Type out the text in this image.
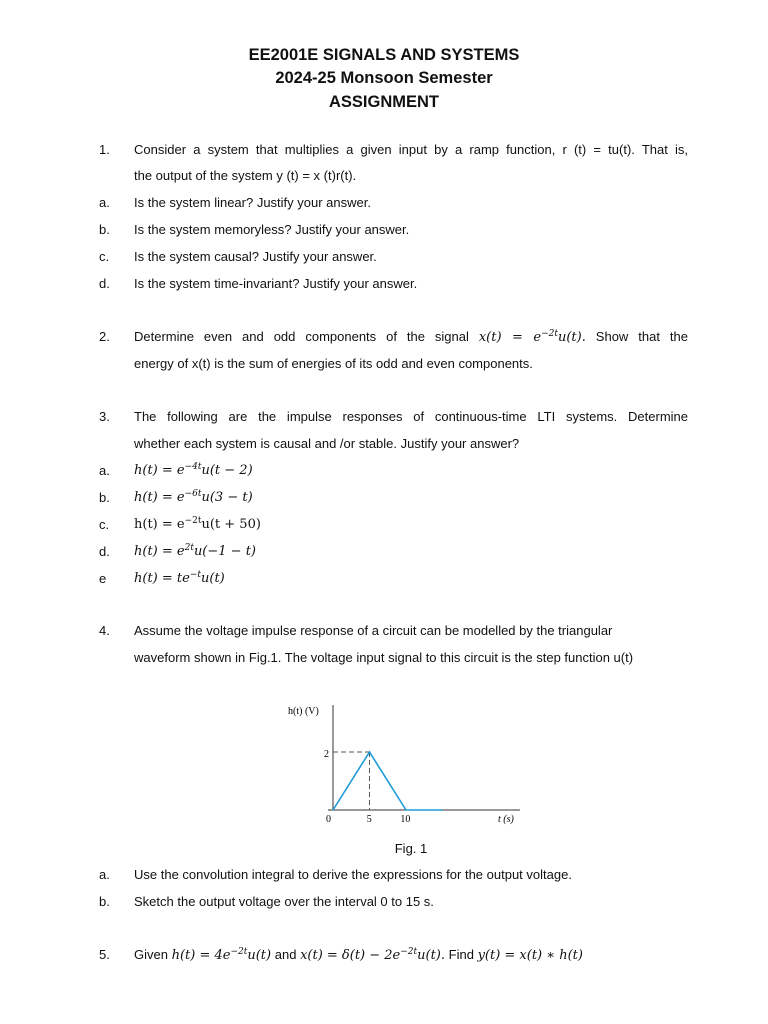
EE2001E SIGNALS AND SYSTEMS
2024-25 Monsoon Semester
ASSIGNMENT
1. Consider a system that multiplies a given input by a ramp function, r (t) = tu(t). That is,
the output of the system y (t) = x (t)r(t).
a. Is the system linear? Justify your answer.
b. Is the system memoryless? Justify your answer.
c. Is the system causal? Justify your answer.
d. Is the system time-invariant? Justify your answer.
2. Determine even and odd components of the signal $x(t) = e^{-2t}u(t)$. Show that the
energy of x(t) is the sum of energies of its odd and even components.
3. The following are the impulse responses of continuous-time LTI systems. Determine
whether each system is causal and /or stable. Justify your answer?
a. $h(t) = e^{-4t}u(t - 2)$
b. $h(t) = e^{-6t}u(3 - t)$
c. $h(t) = e^{-2t}u(t + 50)$
d. $h(t) = e^{2t}u(-1 - t)$
e $h(t) = te^{-t}u(t)$
4. Assume the voltage impulse response of a circuit can be modelled by the triangular
waveform shown in Fig.1. The voltage input signal to this circuit is the step function u(t)
h(t) (V)
t (s)
2
0	5	10
Fig. 1
a. Use the convolution integral to derive the expressions for the output voltage.
b. Sketch the output voltage over the interval 0 to 15 s.
5. Given $h(t) = 4e^{-2t}u(t)$ and $x(t) = \delta(t) - 2e^{-2t}u(t)$. Find y(t) = x(t) ∗ h(t)
